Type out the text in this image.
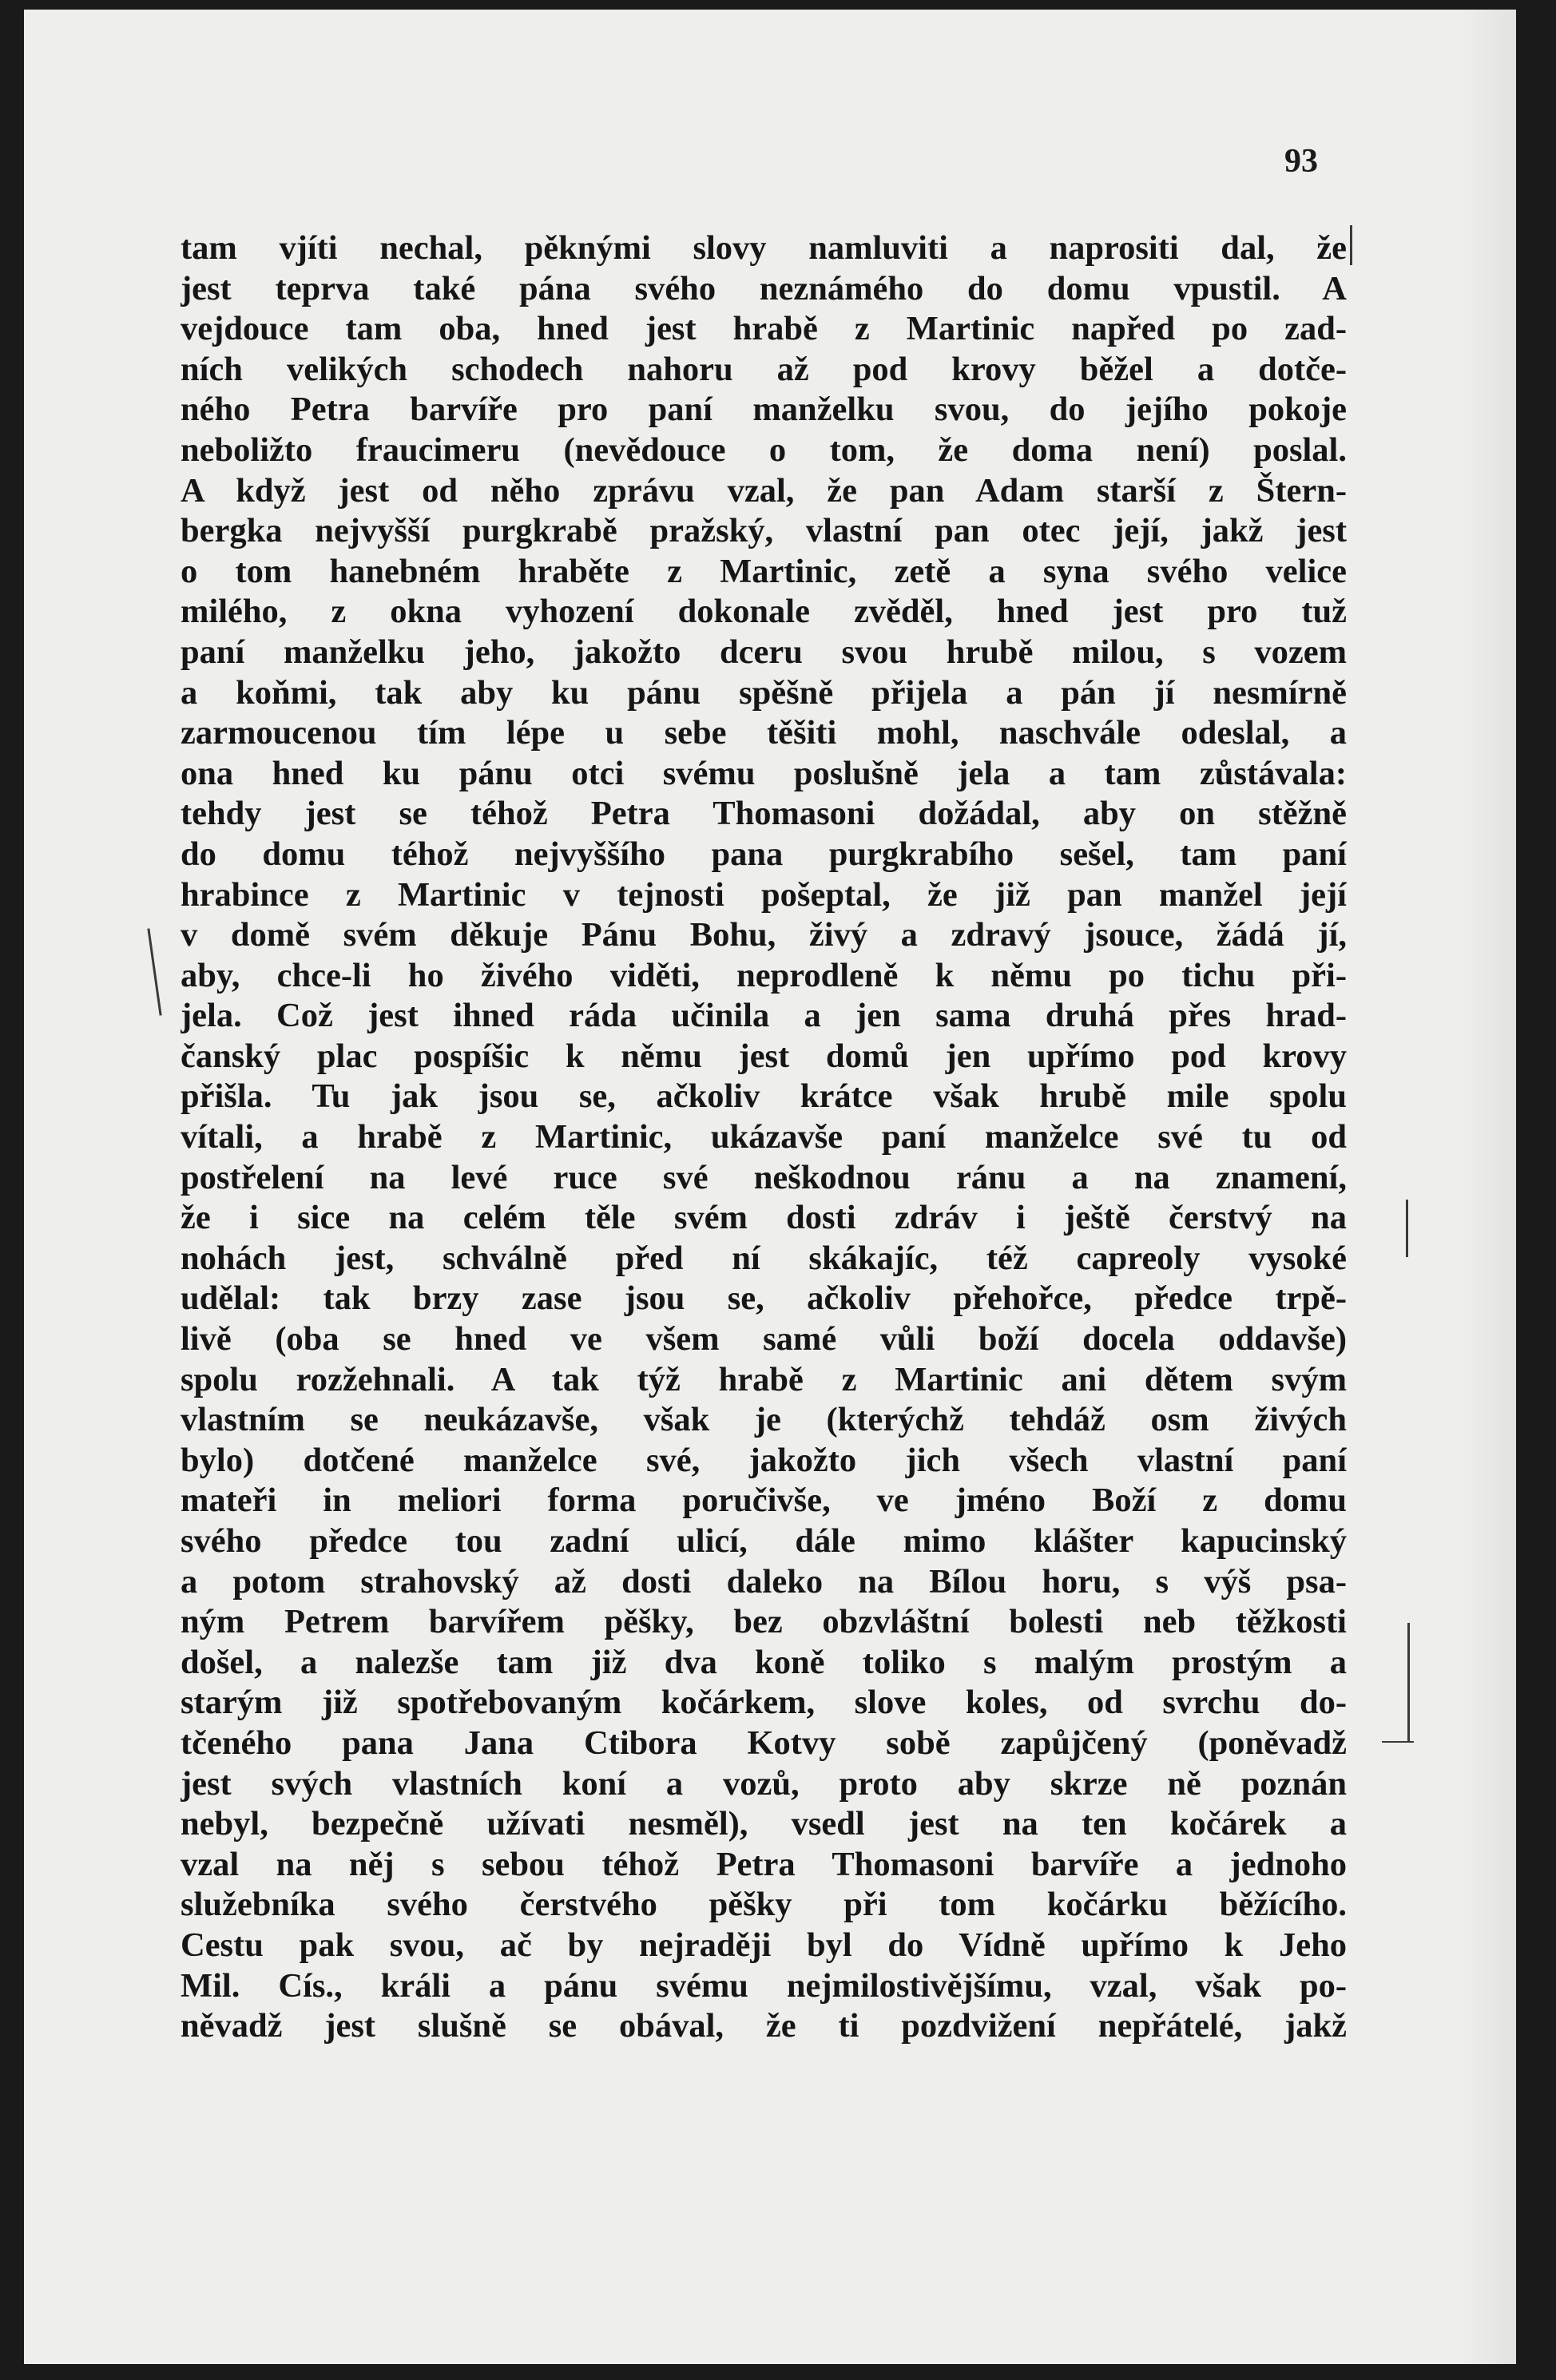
93
tam vjíti nechal, pěknými slovy namluviti a naprositi dal, že
jest teprva také pána svého neznámého do domu vpustil. A
vejdouce tam oba, hned jest hrabě z Martinic napřed po zad-
ních velikých schodech nahoru až pod krovy běžel a dotče-
ného Petra barvíře pro paní manželku svou, do jejího pokoje
neboližto fraucimeru (nevědouce o tom, že doma není) poslal.
A když jest od něho zprávu vzal, že pan Adam starší z Štern-
bergka nejvyšší purgkrabě pražský, vlastní pan otec její, jakž jest
o tom hanebném hraběte z Martinic, zetě a syna svého velice
milého, z okna vyhození dokonale zvěděl, hned jest pro tuž
paní manželku jeho, jakožto dceru svou hrubě milou, s vozem
a koňmi, tak aby ku pánu spěšně přijela a pán jí nesmírně
zarmoucenou tím lépe u sebe těšiti mohl, naschvále odeslal, a
ona hned ku pánu otci svému poslušně jela a tam zůstávala:
tehdy jest se téhož Petra Thomasoni dožádal, aby on stěžně
do domu téhož nejvyššího pana purgkrabího sešel, tam paní
hrabince z Martinic v tejnosti pošeptal, že již pan manžel její
v domě svém děkuje Pánu Bohu, živý a zdravý jsouce, žádá jí,
aby, chce-li ho živého viděti, neprodleně k němu po tichu při-
jela. Což jest ihned ráda učinila a jen sama druhá přes hrad-
čanský plac pospíšic k němu jest domů jen upřímo pod krovy
přišla. Tu jak jsou se, ačkoliv krátce však hrubě mile spolu
vítali, a hrabě z Martinic, ukázavše paní manželce své tu od
postřelení na levé ruce své neškodnou ránu a na znamení,
že i sice na celém těle svém dosti zdráv i ještě čerstvý na
nohách jest, schválně před ní skákajíc, též capreoly vysoké
udělal: tak brzy zase jsou se, ačkoliv přehořce, předce trpě-
livě (oba se hned ve všem samé vůli boží docela oddavše)
spolu rozžehnali. A tak týž hrabě z Martinic ani dětem svým
vlastním se neukázavše, však je (kterýchž tehdáž osm živých
bylo) dotčené manželce své, jakožto jich všech vlastní paní
mateři in meliori forma poručivše, ve jméno Boží z domu
svého předce tou zadní ulicí, dále mimo klášter kapucinský
a potom strahovský až dosti daleko na Bílou horu, s výš psa-
ným Petrem barvířem pěšky, bez obzvláštní bolesti neb těžkosti
došel, a nalezše tam již dva koně toliko s malým prostým a
starým již spotřebovaným kočárkem, slove koles, od svrchu do-
tčeného pana Jana Ctibora Kotvy sobě zapůjčený (poněvadž
jest svých vlastních koní a vozů, proto aby skrze ně poznán
nebyl, bezpečně užívati nesměl), vsedl jest na ten kočárek a
vzal na něj s sebou téhož Petra Thomasoni barvíře a jednoho
služebníka svého čerstvého pěšky při tom kočárku běžícího.
Cestu pak svou, ač by nejraději byl do Vídně upřímo k Jeho
Mil. Cís., králi a pánu svému nejmilostivějšímu, vzal, však po-
něvadž jest slušně se obával, že ti pozdvižení nepřátelé, jakž
